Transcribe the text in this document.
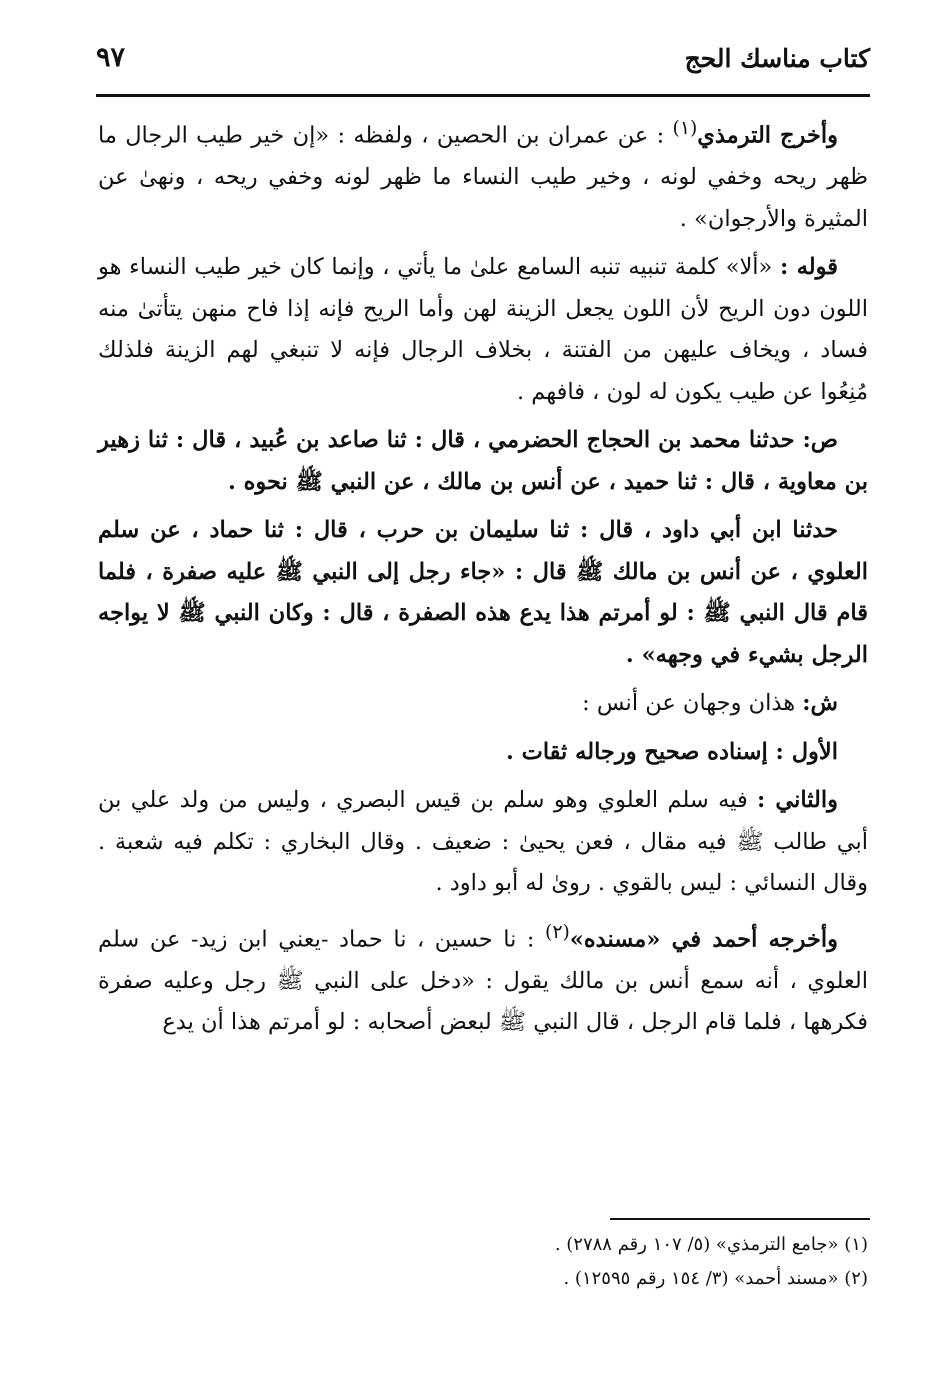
كتاب مناسك الحج
٩٧

وأخرج الترمذي$^{(١)}$ : عن عمران بن الحصين ، ولفظه : «إن خير طيب الرجال ما ظهر ريحه وخفي لونه ، وخير طيب النساء ما ظهر لونه وخفي ريحه ، ونهىٰ عن المثيرة والأرجوان» .

قوله : «ألا» كلمة تنبيه تنبه السامع علىٰ ما يأتي ، وإنما كان خير طيب النساء هو اللون دون الريح لأن اللون يجعل الزينة لهن وأما الريح فإنه إذا فاح منهن يتأتىٰ منه فساد ، ويخاف عليهن من الفتنة ، بخلاف الرجال فإنه لا تنبغي لهم الزينة فلذلك مُنِعُوا عن طيب يكون له لون ، فافهم .

ص: حدثنا محمد بن الحجاج الحضرمي ، قال : ثنا صاعد بن عُبيد ، قال : ثنا زهير بن معاوية ، قال : ثنا حميد ، عن أنس بن مالك ، عن النبي ﷺ نحوه .

حدثنا ابن أبي داود ، قال : ثنا سليمان بن حرب ، قال : ثنا حماد ، عن سلم العلوي ، عن أنس بن مالك ﷺ قال : «جاء رجل إلى النبي ﷺ عليه صفرة ، فلما قام قال النبي ﷺ : لو أمرتم هذا يدع هذه الصفرة ، قال : وكان النبي ﷺ لا يواجه الرجل بشيء في وجهه» .

ش: هذان وجهان عن أنس :

الأول : إسناده صحيح ورجاله ثقات .

والثاني : فيه سلم العلوي وهو سلم بن قيس البصري ، وليس من ولد علي بن أبي طالب ﷺ فيه مقال ، فعن يحيىٰ : ضعيف . وقال البخاري : تكلم فيه شعبة . وقال النسائي : ليس بالقوي . روىٰ له أبو داود .

وأخرجه أحمد في «مسنده»$^{(٢)}$ : نا حسين ، نا حماد -يعني ابن زيد- عن سلم العلوي ، أنه سمع أنس بن مالك يقول : «دخل على النبي ﷺ رجل وعليه صفرة فكرهها ، فلما قام الرجل ، قال النبي ﷺ لبعض أصحابه : لو أمرتم هذا أن يدع

(١) «جامع الترمذي» (٥/ ١٠٧ رقم ٢٧٨٨) .

(٢) «مسند أحمد» (٣/ ١٥٤ رقم ١٢٥٩٥) .
